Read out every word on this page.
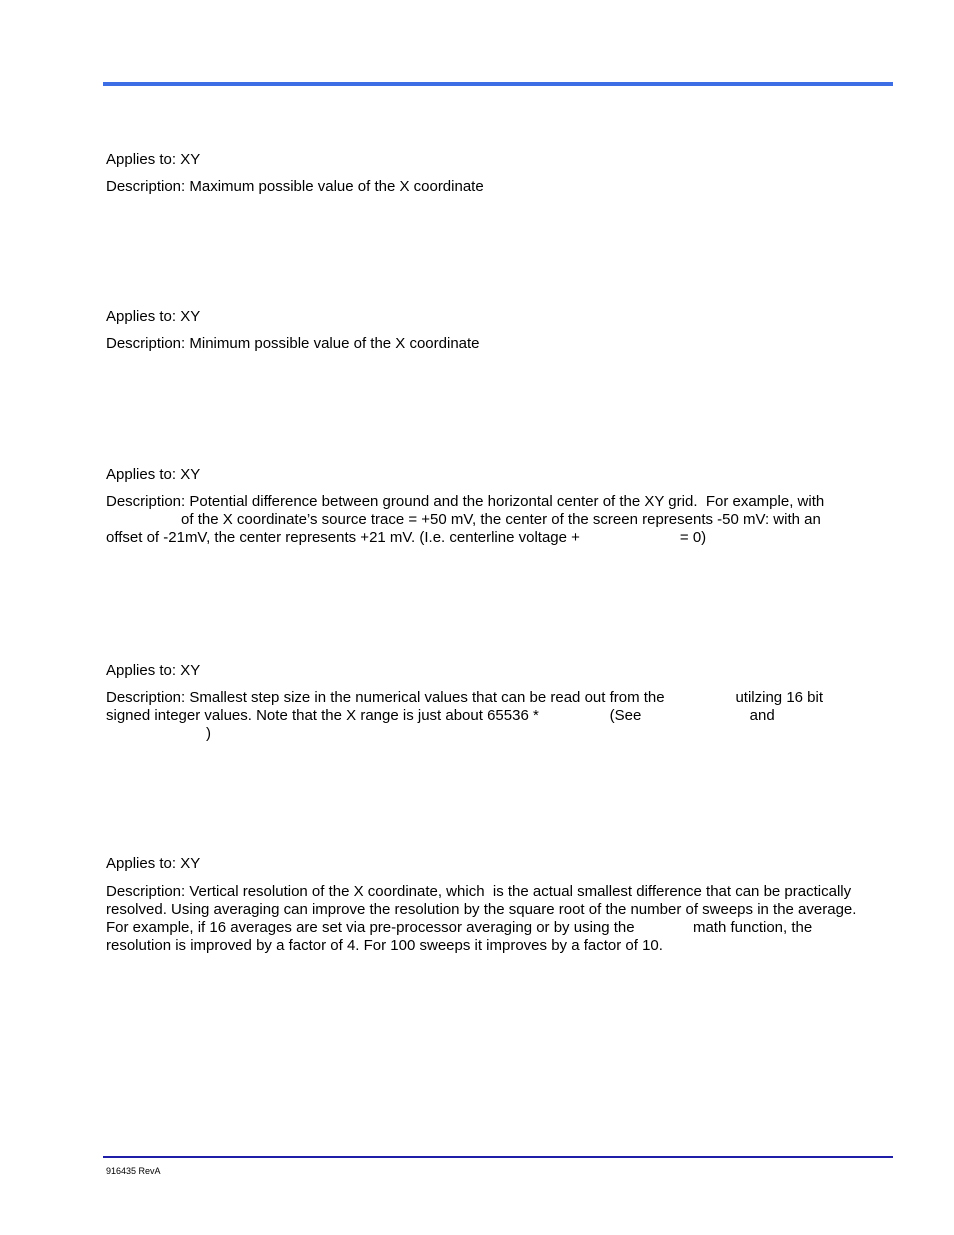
Applies to: XY
Description: Maximum possible value of the X coordinate
Applies to: XY
Description: Minimum possible value of the X coordinate
Applies to: XY
Description: Potential difference between ground and the horizontal center of the XY grid.  For example, with
of the X coordinate’s source trace = +50 mV, the center of the screen represents -50 mV: with an
offset of -21mV, the center represents +21 mV. (I.e. centerline voltage +                        = 0)
Applies to: XY
Description: Smallest step size in the numerical values that can be read out from the                 utilzing 16 bit
signed integer values. Note that the X range is just about 65536 *                 (See                          and
)
Applies to: XY
Description: Vertical resolution of the X coordinate, which  is the actual smallest difference that can be practically
resolved. Using averaging can improve the resolution by the square root of the number of sweeps in the average.
For example, if 16 averages are set via pre-processor averaging or by using the              math function, the
resolution is improved by a factor of 4. For 100 sweeps it improves by a factor of 10.
916435 RevA
